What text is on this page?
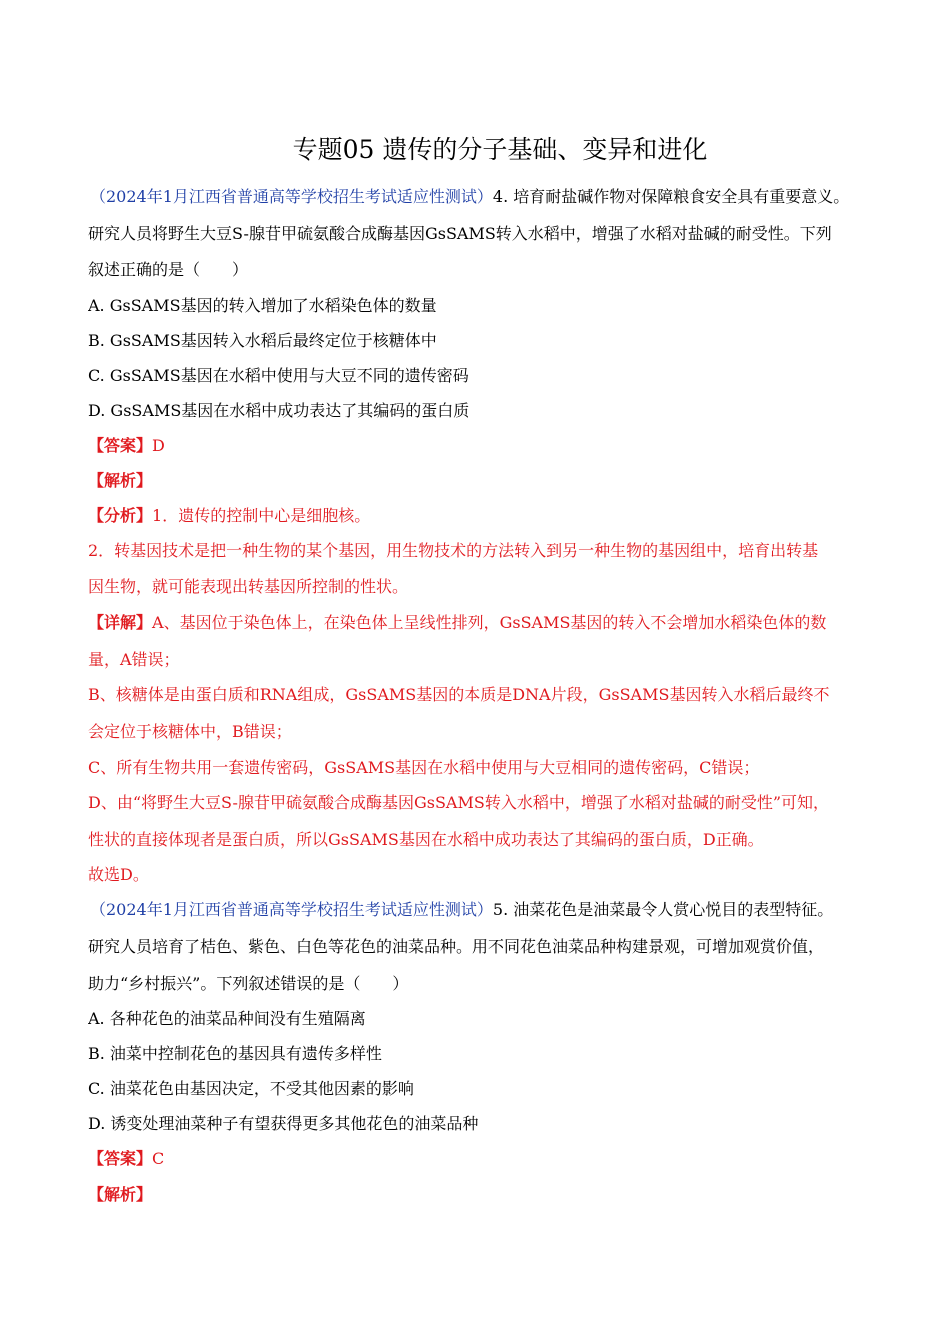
专题05 遗传的分子基础、变异和进化
（2024年1月江西省普通高等学校招生考试适应性测试）4. 培育耐盐碱作物对保障粮食安全具有重要意义。
研究人员将野生大豆S-腺苷甲硫氨酸合成酶基因GsSAMS转入水稻中，增强了水稻对盐碱的耐受性。下列
叙述正确的是（　　）
A. GsSAMS基因的转入增加了水稻染色体的数量
B. GsSAMS基因转入水稻后最终定位于核糖体中
C. GsSAMS基因在水稻中使用与大豆不同的遗传密码
D. GsSAMS基因在水稻中成功表达了其编码的蛋白质
【答案】D
【解析】
【分析】1．遗传的控制中心是细胞核。
2．转基因技术是把一种生物的某个基因，用生物技术的方法转入到另一种生物的基因组中，培育出转基
因生物，就可能表现出转基因所控制的性状。
【详解】A、基因位于染色体上，在染色体上呈线性排列，GsSAMS基因的转入不会增加水稻染色体的数
量，A错误；
B、核糖体是由蛋白质和RNA组成，GsSAMS基因的本质是DNA片段，GsSAMS基因转入水稻后最终不
会定位于核糖体中，B错误；
C、所有生物共用一套遗传密码，GsSAMS基因在水稻中使用与大豆相同的遗传密码，C错误；
D、由“将野生大豆S-腺苷甲硫氨酸合成酶基因GsSAMS转入水稻中，增强了水稻对盐碱的耐受性”可知，
性状的直接体现者是蛋白质，所以GsSAMS基因在水稻中成功表达了其编码的蛋白质，D正确。
故选D。
（2024年1月江西省普通高等学校招生考试适应性测试）5. 油菜花色是油菜最令人赏心悦目的表型特征。
研究人员培育了桔色、紫色、白色等花色的油菜品种。用不同花色油菜品种构建景观，可增加观赏价值，
助力“乡村振兴”。下列叙述错误的是（　　）
A. 各种花色的油菜品种间没有生殖隔离
B. 油菜中控制花色的基因具有遗传多样性
C. 油菜花色由基因决定，不受其他因素的影响
D. 诱变处理油菜种子有望获得更多其他花色的油菜品种
【答案】C
【解析】
